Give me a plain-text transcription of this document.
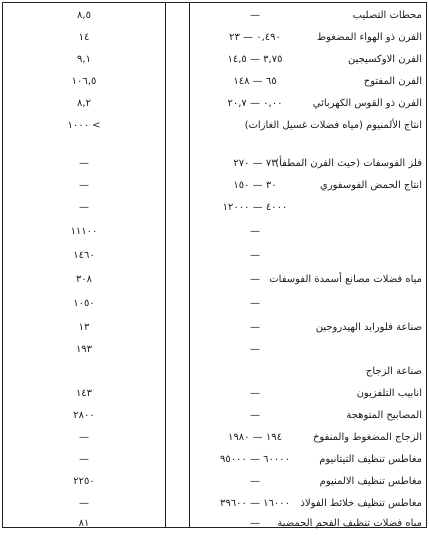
محطات التصليب
—
٨,٥
الفرن ذو الهواء المضغوط
٠,٤٩٠ — ٢٣
١٤
الفرن الاوكسيجين
٣,٧٥ — ١٤,٥
٩,١
الفرن المفتوح
٦٥ — ١٤٨
١٠٦,٥
الفرن ذو القوس الكهربائي
٠,٠٠ — ٢٠,٧
٨,٢
انتاج الألمنيوم (مياه فضلات غسيل الغازات)
> ١٠٠٠
فلز الفوسفات (حيث الفرن المطفأ)
٧٣ — ٢٧٠
—
انتاج الحمض الفوسفوري
٣٠ — ١٥٠
—
٤٠٠٠ — ١٢٠٠٠
—
—
١١١٠٠
—
١٤٦٠
مياه فضلات مصانع أسمدة الفوسفات
—
٣٠٨
—
١٠٥٠
صناعة فلورايد الهيدروجين
—
١٣
—
١٩٣
صناعة الزجاج
انابيب التلفزيون
—
١٤٣
المصابيح المتوهجة
—
٢٨٠٠
الزجاج المضغوط والمنفوخ
١٩٤ — ١٩٨٠
—
مغاطس تنظيف التيتانيوم
٦٠٠٠٠ — ٩٥٠٠٠
—
مغاطس تنظيف الالمنيوم
—
٢٢٥٠
مغاطس تنظيف خلائط الفولاذ
١٦٠٠٠ — ٣٩٦٠٠
—
مياه فضلات تنظيف الفحم الحمضية
—
٨١
